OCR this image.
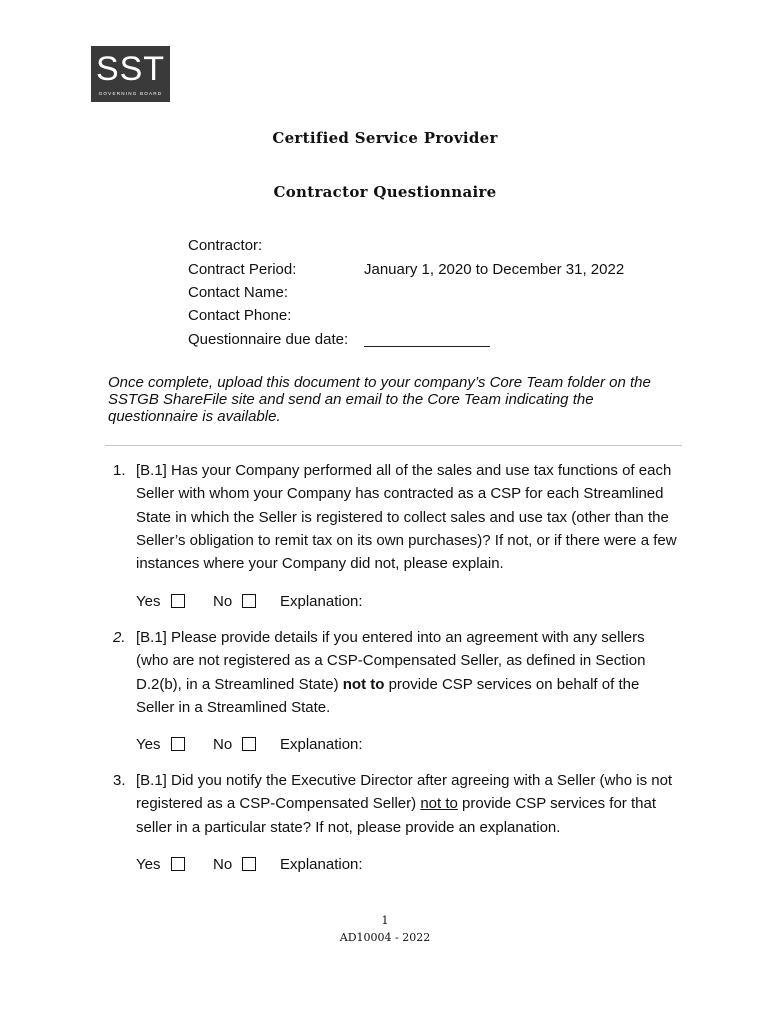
SST
GOVERNING BOARD
Certified Service Provider
Contractor Questionnaire
Contractor:
Contract Period:	January 1, 2020 to December 31, 2022
Contact Name:
Contact Phone:
Questionnaire due date:
Once complete, upload this document to your company’s Core Team folder on the SSTGB ShareFile site and send an email to the Core Team indicating the questionnaire is available.
1. [B.1] Has your Company performed all of the sales and use tax functions of each Seller with whom your Company has contracted as a CSP for each Streamlined State in which the Seller is registered to collect sales and use tax (other than the Seller’s obligation to remit tax on its own purchases)? If not, or if there were a few instances where your Company did not, please explain.
Yes	No	Explanation:
2. [B.1] Please provide details if you entered into an agreement with any sellers (who are not registered as a CSP-Compensated Seller, as defined in Section D.2(b), in a Streamlined State) not to provide CSP services on behalf of the Seller in a Streamlined State.
Yes	No	Explanation:
3. [B.1] Did you notify the Executive Director after agreeing with a Seller (who is not registered as a CSP-Compensated Seller) not to provide CSP services for that seller in a particular state? If not, please provide an explanation.
Yes	No	Explanation:
1
AD10004 - 2022
